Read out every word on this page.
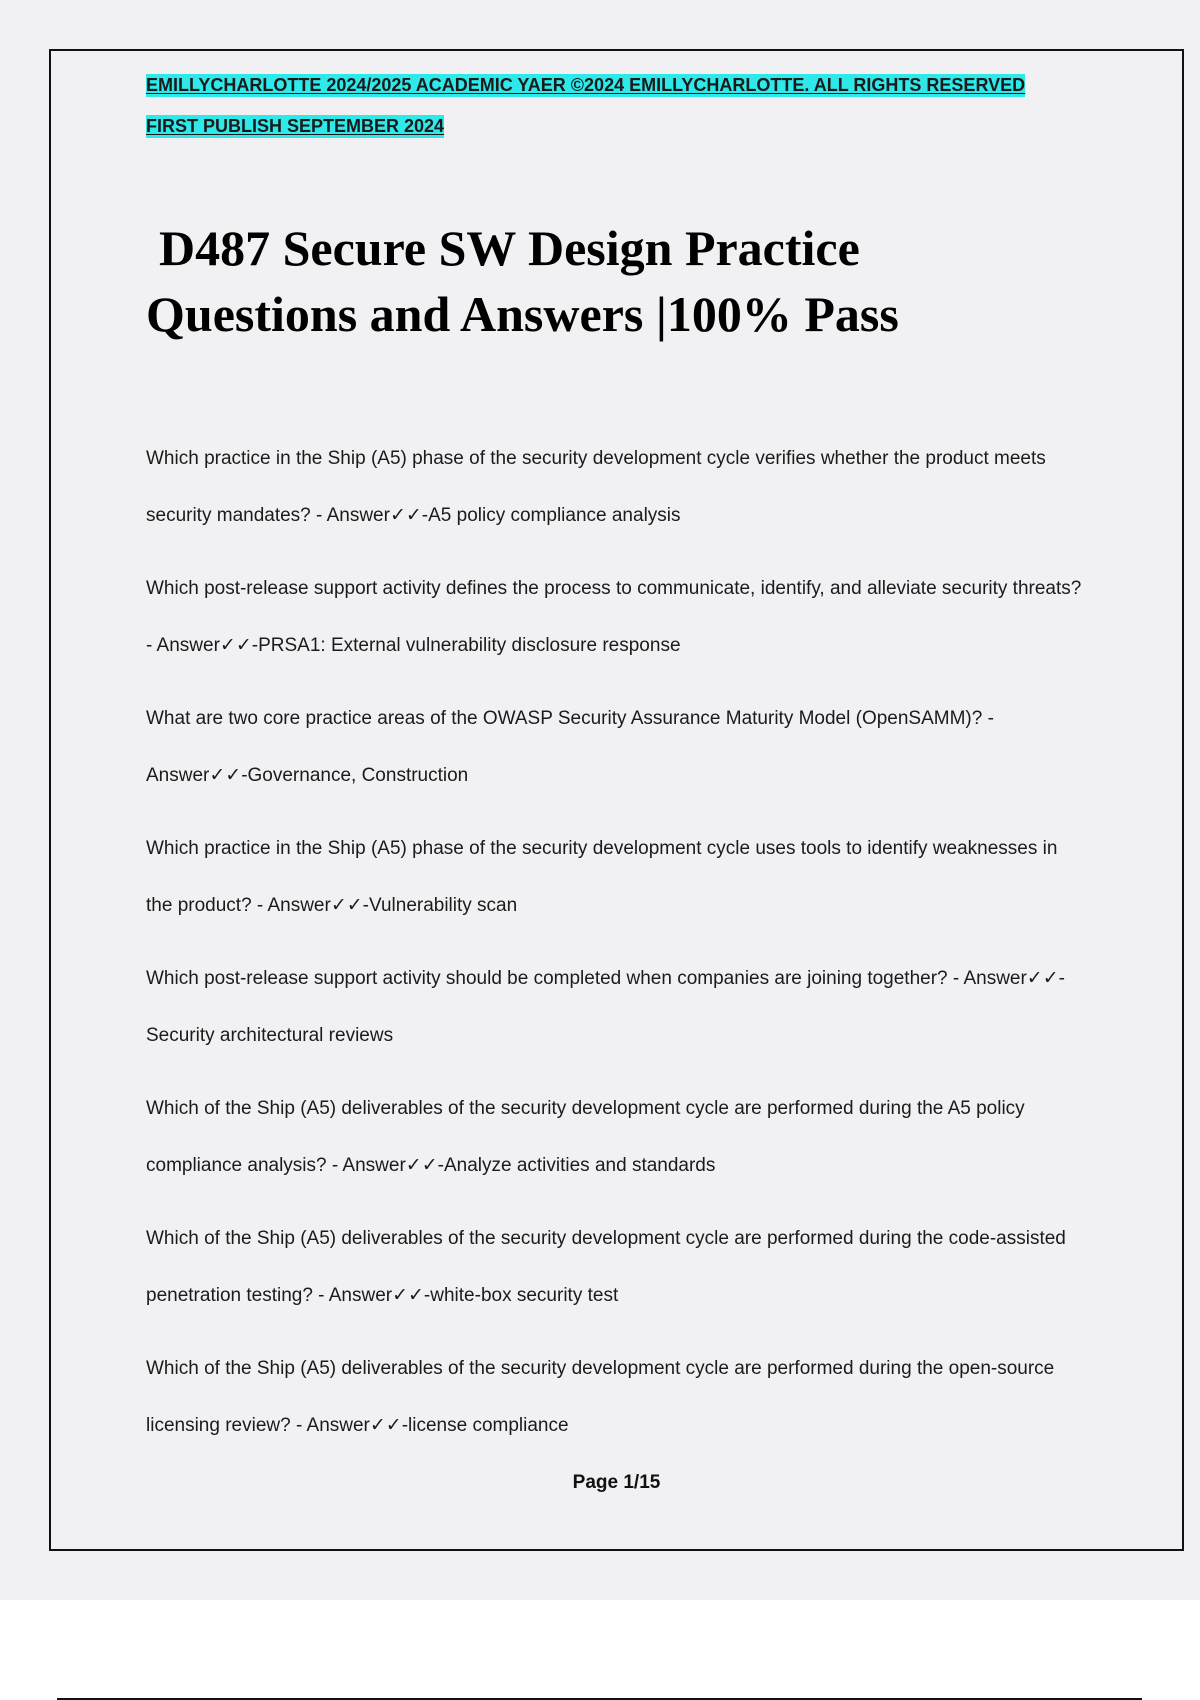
EMILLYCHARLOTTE 2024/2025 ACADEMIC YAER ©2024 EMILLYCHARLOTTE. ALL RIGHTS RESERVED
FIRST PUBLISH SEPTEMBER 2024
D487 Secure SW Design Practice
Questions and Answers |100% Pass
Which practice in the Ship (A5) phase of the security development cycle verifies whether the product meets security mandates? - Answer✓✓-A5 policy compliance analysis
Which post-release support activity defines the process to communicate, identify, and alleviate security threats? - Answer✓✓-PRSA1: External vulnerability disclosure response
What are two core practice areas of the OWASP Security Assurance Maturity Model (OpenSAMM)? - Answer✓✓-Governance, Construction
Which practice in the Ship (A5) phase of the security development cycle uses tools to identify weaknesses in the product? - Answer✓✓-Vulnerability scan
Which post-release support activity should be completed when companies are joining together? - Answer✓✓-Security architectural reviews
Which of the Ship (A5) deliverables of the security development cycle are performed during the A5 policy compliance analysis? - Answer✓✓-Analyze activities and standards
Which of the Ship (A5) deliverables of the security development cycle are performed during the code-assisted penetration testing? - Answer✓✓-white-box security test
Which of the Ship (A5) deliverables of the security development cycle are performed during the open-source licensing review? - Answer✓✓-license compliance
Page 1/15
